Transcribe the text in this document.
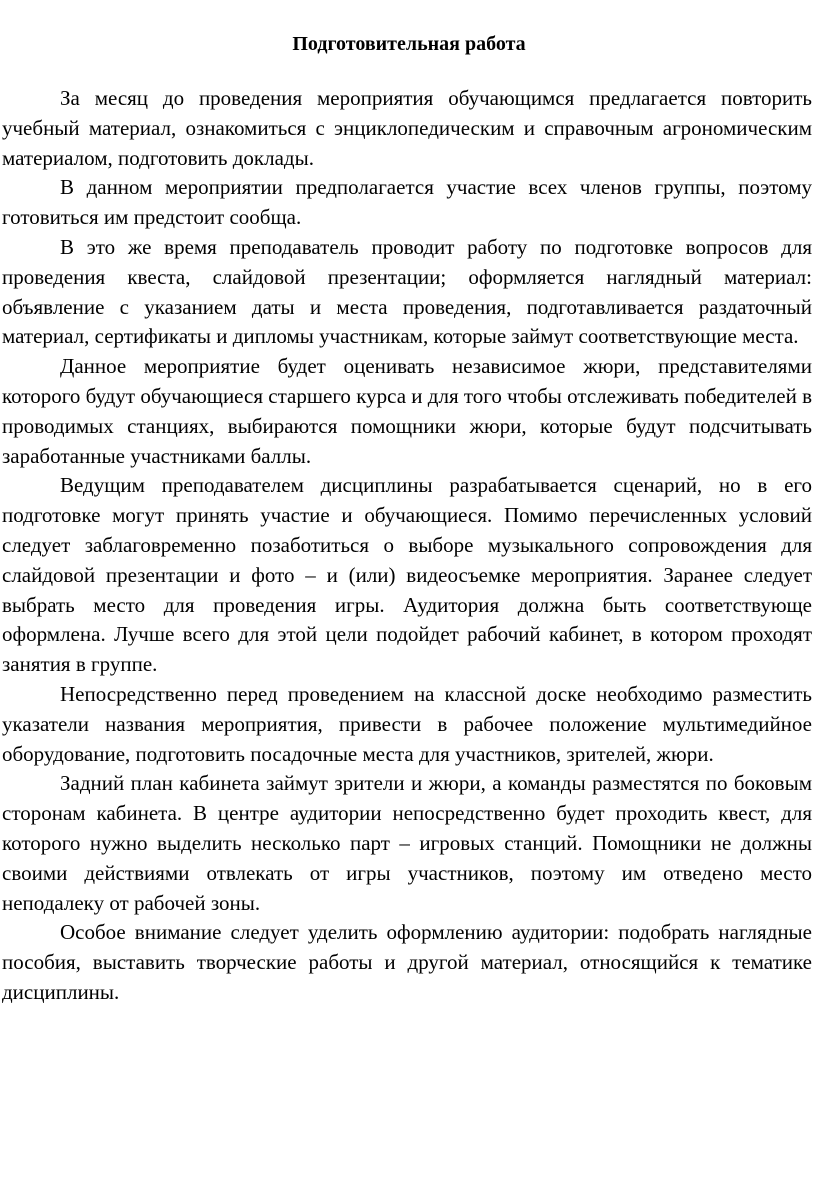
Подготовительная работа

За месяц до проведения мероприятия обучающимся предлагается повторить учебный материал, ознакомиться с энциклопедическим и справочным агрономическим материалом, подготовить доклады.

В данном мероприятии предполагается участие всех членов группы, поэтому готовиться им предстоит сообща.

В это же время преподаватель проводит работу по подготовке вопросов для проведения квеста, слайдовой презентации; оформляется наглядный материал: объявление с указанием даты и места проведения, подготавливается раздаточный материал, сертификаты и дипломы участникам, которые займут соответствующие места.

Данное мероприятие будет оценивать независимое жюри, представителями которого будут обучающиеся старшего курса и для того чтобы отслеживать победителей в проводимых станциях, выбираются помощники жюри, которые будут подсчитывать заработанные участниками баллы.

Ведущим преподавателем дисциплины разрабатывается сценарий, но в его подготовке могут принять участие и обучающиеся. Помимо перечисленных условий следует заблаговременно позаботиться о выборе музыкального сопровождения для слайдовой презентации и фото – и (или) видеосъемке мероприятия. Заранее следует выбрать место для проведения игры. Аудитория должна быть соответствующе оформлена. Лучше всего для этой цели подойдет рабочий кабинет, в котором проходят занятия в группе.

Непосредственно перед проведением на классной доске необходимо разместить указатели названия мероприятия, привести в рабочее положение мультимедийное оборудование, подготовить посадочные места для участников, зрителей, жюри.

Задний план кабинета займут зрители и жюри, а команды разместятся по боковым сторонам кабинета. В центре аудитории непосредственно будет проходить квест, для которого нужно выделить несколько парт – игровых станций. Помощники не должны своими действиями отвлекать от игры участников, поэтому им отведено место неподалеку от рабочей зоны.

Особое внимание следует уделить оформлению аудитории: подобрать наглядные пособия, выставить творческие работы и другой материал, относящийся к тематике дисциплины.
